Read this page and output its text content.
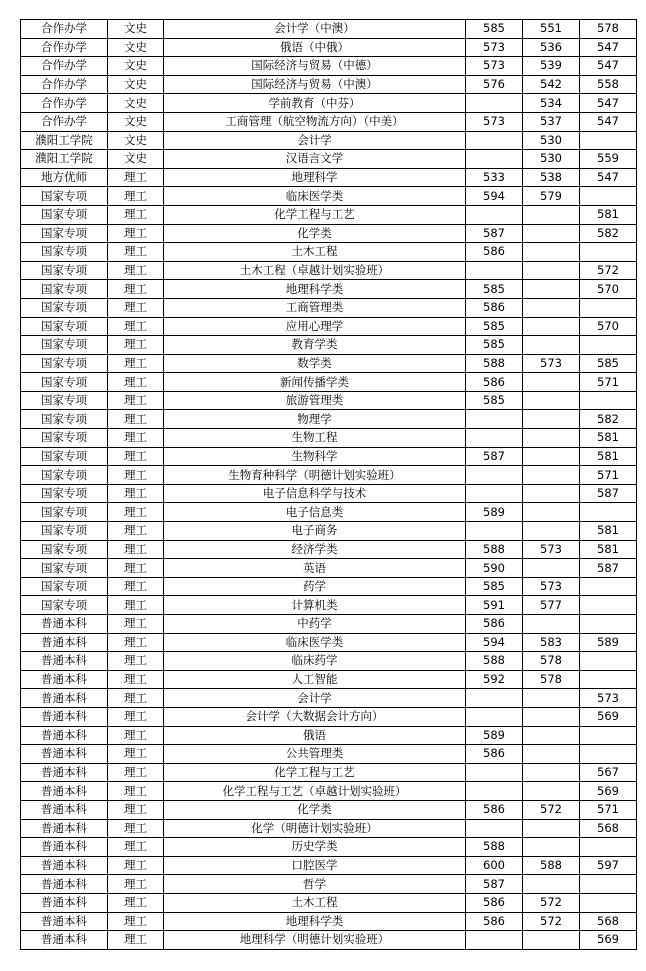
合作办学	文史	会计学（中澳）	585	551	578
合作办学	文史	俄语（中俄）	573	536	547
合作办学	文史	国际经济与贸易（中德）	573	539	547
合作办学	文史	国际经济与贸易（中澳）	576	542	558
合作办学	文史	学前教育（中芬）		534	547
合作办学	文史	工商管理（航空物流方向）（中美）	573	537	547
濮阳工学院	文史	会计学		530	
濮阳工学院	文史	汉语言文学		530	559
地方优师	理工	地理科学	533	538	547
国家专项	理工	临床医学类	594	579	
国家专项	理工	化学工程与工艺			581
国家专项	理工	化学类	587		582
国家专项	理工	土木工程	586		
国家专项	理工	土木工程（卓越计划实验班）			572
国家专项	理工	地理科学类	585		570
国家专项	理工	工商管理类	586		
国家专项	理工	应用心理学	585		570
国家专项	理工	教育学类	585		
国家专项	理工	数学类	588	573	585
国家专项	理工	新闻传播学类	586		571
国家专项	理工	旅游管理类	585		
国家专项	理工	物理学			582
国家专项	理工	生物工程			581
国家专项	理工	生物科学	587		581
国家专项	理工	生物育种科学（明德计划实验班）			571
国家专项	理工	电子信息科学与技术			587
国家专项	理工	电子信息类	589		
国家专项	理工	电子商务			581
国家专项	理工	经济学类	588	573	581
国家专项	理工	英语	590		587
国家专项	理工	药学	585	573	
国家专项	理工	计算机类	591	577	
普通本科	理工	中药学	586		
普通本科	理工	临床医学类	594	583	589
普通本科	理工	临床药学	588	578	
普通本科	理工	人工智能	592	578	
普通本科	理工	会计学			573
普通本科	理工	会计学（大数据会计方向）			569
普通本科	理工	俄语	589		
普通本科	理工	公共管理类	586		
普通本科	理工	化学工程与工艺			567
普通本科	理工	化学工程与工艺（卓越计划实验班）			569
普通本科	理工	化学类	586	572	571
普通本科	理工	化学（明德计划实验班）			568
普通本科	理工	历史学类	588		
普通本科	理工	口腔医学	600	588	597
普通本科	理工	哲学	587		
普通本科	理工	土木工程	586	572	
普通本科	理工	地理科学类	586	572	568
普通本科	理工	地理科学（明德计划实验班）			569
